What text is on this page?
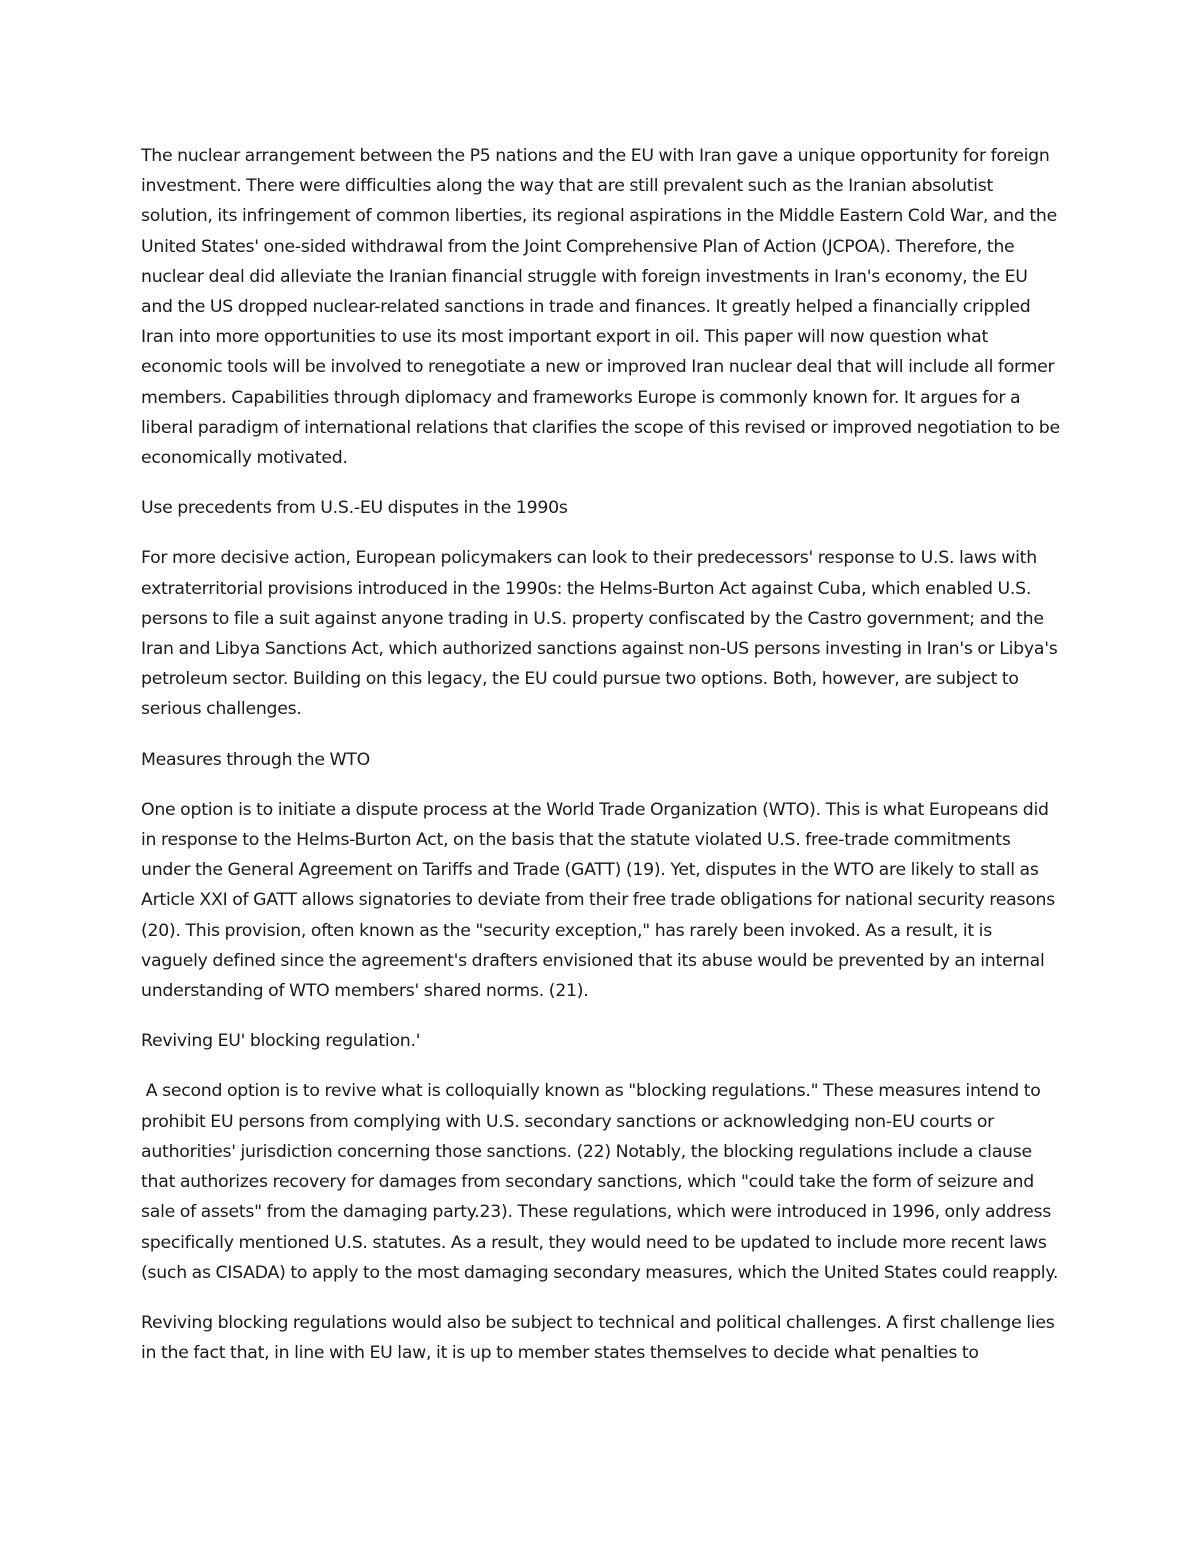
The nuclear arrangement between the P5 nations and the EU with Iran gave a unique opportunity for foreign investment. There were difficulties along the way that are still prevalent such as the Iranian absolutist solution, its infringement of common liberties, its regional aspirations in the Middle Eastern Cold War, and the United States' one-sided withdrawal from the Joint Comprehensive Plan of Action (JCPOA). Therefore, the nuclear deal did alleviate the Iranian financial struggle with foreign investments in Iran's economy, the EU and the US dropped nuclear-related sanctions in trade and finances. It greatly helped a financially crippled Iran into more opportunities to use its most important export in oil. This paper will now question what economic tools will be involved to renegotiate a new or improved Iran nuclear deal that will include all former members. Capabilities through diplomacy and frameworks Europe is commonly known for. It argues for a liberal paradigm of international relations that clarifies the scope of this revised or improved negotiation to be economically motivated.

Use precedents from U.S.-EU disputes in the 1990s

For more decisive action, European policymakers can look to their predecessors' response to U.S. laws with extraterritorial provisions introduced in the 1990s: the Helms-Burton Act against Cuba, which enabled U.S. persons to file a suit against anyone trading in U.S. property confiscated by the Castro government; and the Iran and Libya Sanctions Act, which authorized sanctions against non-US persons investing in Iran's or Libya's petroleum sector. Building on this legacy, the EU could pursue two options. Both, however, are subject to serious challenges.

Measures through the WTO

One option is to initiate a dispute process at the World Trade Organization (WTO). This is what Europeans did in response to the Helms-Burton Act, on the basis that the statute violated U.S. free-trade commitments under the General Agreement on Tariffs and Trade (GATT) (19). Yet, disputes in the WTO are likely to stall as Article XXI of GATT allows signatories to deviate from their free trade obligations for national security reasons (20). This provision, often known as the "security exception," has rarely been invoked. As a result, it is vaguely defined since the agreement's drafters envisioned that its abuse would be prevented by an internal understanding of WTO members' shared norms. (21).

Reviving EU' blocking regulation.'

A second option is to revive what is colloquially known as "blocking regulations." These measures intend to prohibit EU persons from complying with U.S. secondary sanctions or acknowledging non-EU courts or authorities' jurisdiction concerning those sanctions. (22) Notably, the blocking regulations include a clause that authorizes recovery for damages from secondary sanctions, which "could take the form of seizure and sale of assets" from the damaging party.23). These regulations, which were introduced in 1996, only address specifically mentioned U.S. statutes. As a result, they would need to be updated to include more recent laws (such as CISADA) to apply to the most damaging secondary measures, which the United States could reapply.

Reviving blocking regulations would also be subject to technical and political challenges. A first challenge lies in the fact that, in line with EU law, it is up to member states themselves to decide what penalties to
